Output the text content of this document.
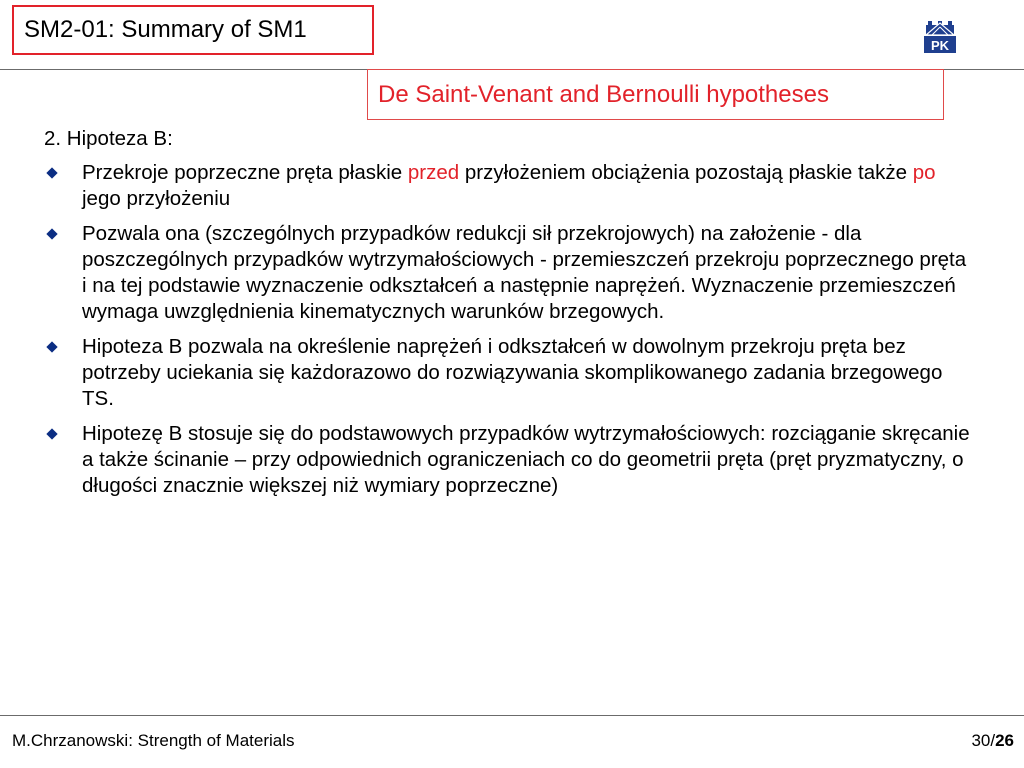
SM2-01: Summary of SM1
PK
De Saint-Venant and Bernoulli hypotheses
2. Hipoteza B:
Przekroje poprzeczne pręta płaskie przed przyłożeniem obciążenia pozostają płaskie także po jego przyłożeniu
Pozwala ona (szczególnych przypadków redukcji sił przekrojowych) na założenie - dla poszczególnych przypadków wytrzymałościowych - przemieszczeń przekroju poprzecznego pręta i na tej podstawie wyznaczenie odkształceń a następnie naprężeń. Wyznaczenie przemieszczeń wymaga uwzględnienia kinematycznych warunków brzegowych.
Hipoteza B pozwala na określenie naprężeń i odkształceń w dowolnym przekroju pręta bez potrzeby uciekania się każdorazowo do rozwiązywania skomplikowanego zadania brzegowego TS.
Hipotezę B stosuje się do podstawowych przypadków wytrzymałościowych: rozciąganie skręcanie a także ścinanie – przy odpowiednich ograniczeniach co do geometrii pręta (pręt pryzmatyczny, o długości znacznie większej niż wymiary poprzeczne)
M.Chrzanowski: Strength of Materials	30/26
